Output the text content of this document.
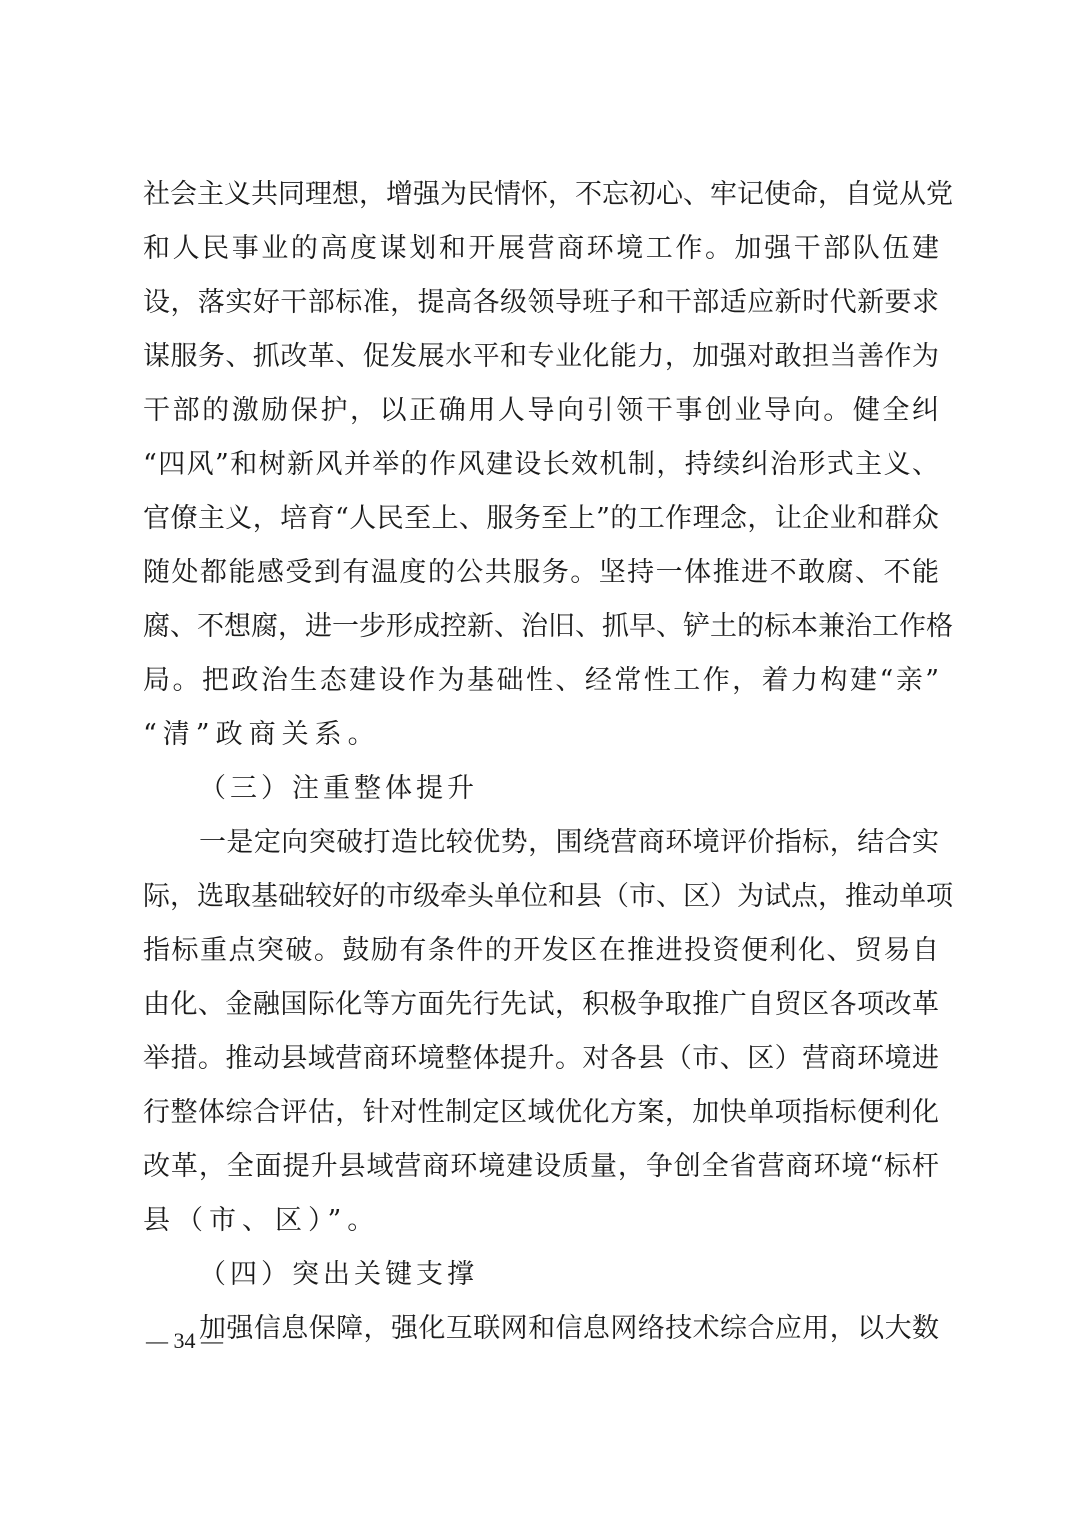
社会主义共同理想，增强为民情怀，不忘初心、牢记使命，自觉从党
和人民事业的高度谋划和开展营商环境工作。加强干部队伍建
设，落实好干部标准，提高各级领导班子和干部适应新时代新要求
谋服务、抓改革、促发展水平和专业化能力，加强对敢担当善作为
干部的激励保护，以正确用人导向引领干事创业导向。健全纠
“四风”和树新风并举的作风建设长效机制，持续纠治形式主义、
官僚主义，培育“人民至上、服务至上”的工作理念，让企业和群众
随处都能感受到有温度的公共服务。坚持一体推进不敢腐、不能
腐、不想腐，进一步形成控新、治旧、抓早、铲土的标本兼治工作格
局。把政治生态建设作为基础性、经常性工作，着力构建“亲”
“清”政商关系。
（三）注重整体提升
一是定向突破打造比较优势，围绕营商环境评价指标，结合实
际，选取基础较好的市级牵头单位和县（市、区）为试点，推动单项
指标重点突破。鼓励有条件的开发区在推进投资便利化、贸易自
由化、金融国际化等方面先行先试，积极争取推广自贸区各项改革
举措。推动县域营商环境整体提升。对各县（市、区）营商环境进
行整体综合评估，针对性制定区域优化方案，加快单项指标便利化
改革，全面提升县域营商环境建设质量，争创全省营商环境“标杆
县（市、区）”。
（四）突出关键支撑
加强信息保障，强化互联网和信息网络技术综合应用，以大数
— 34 —
